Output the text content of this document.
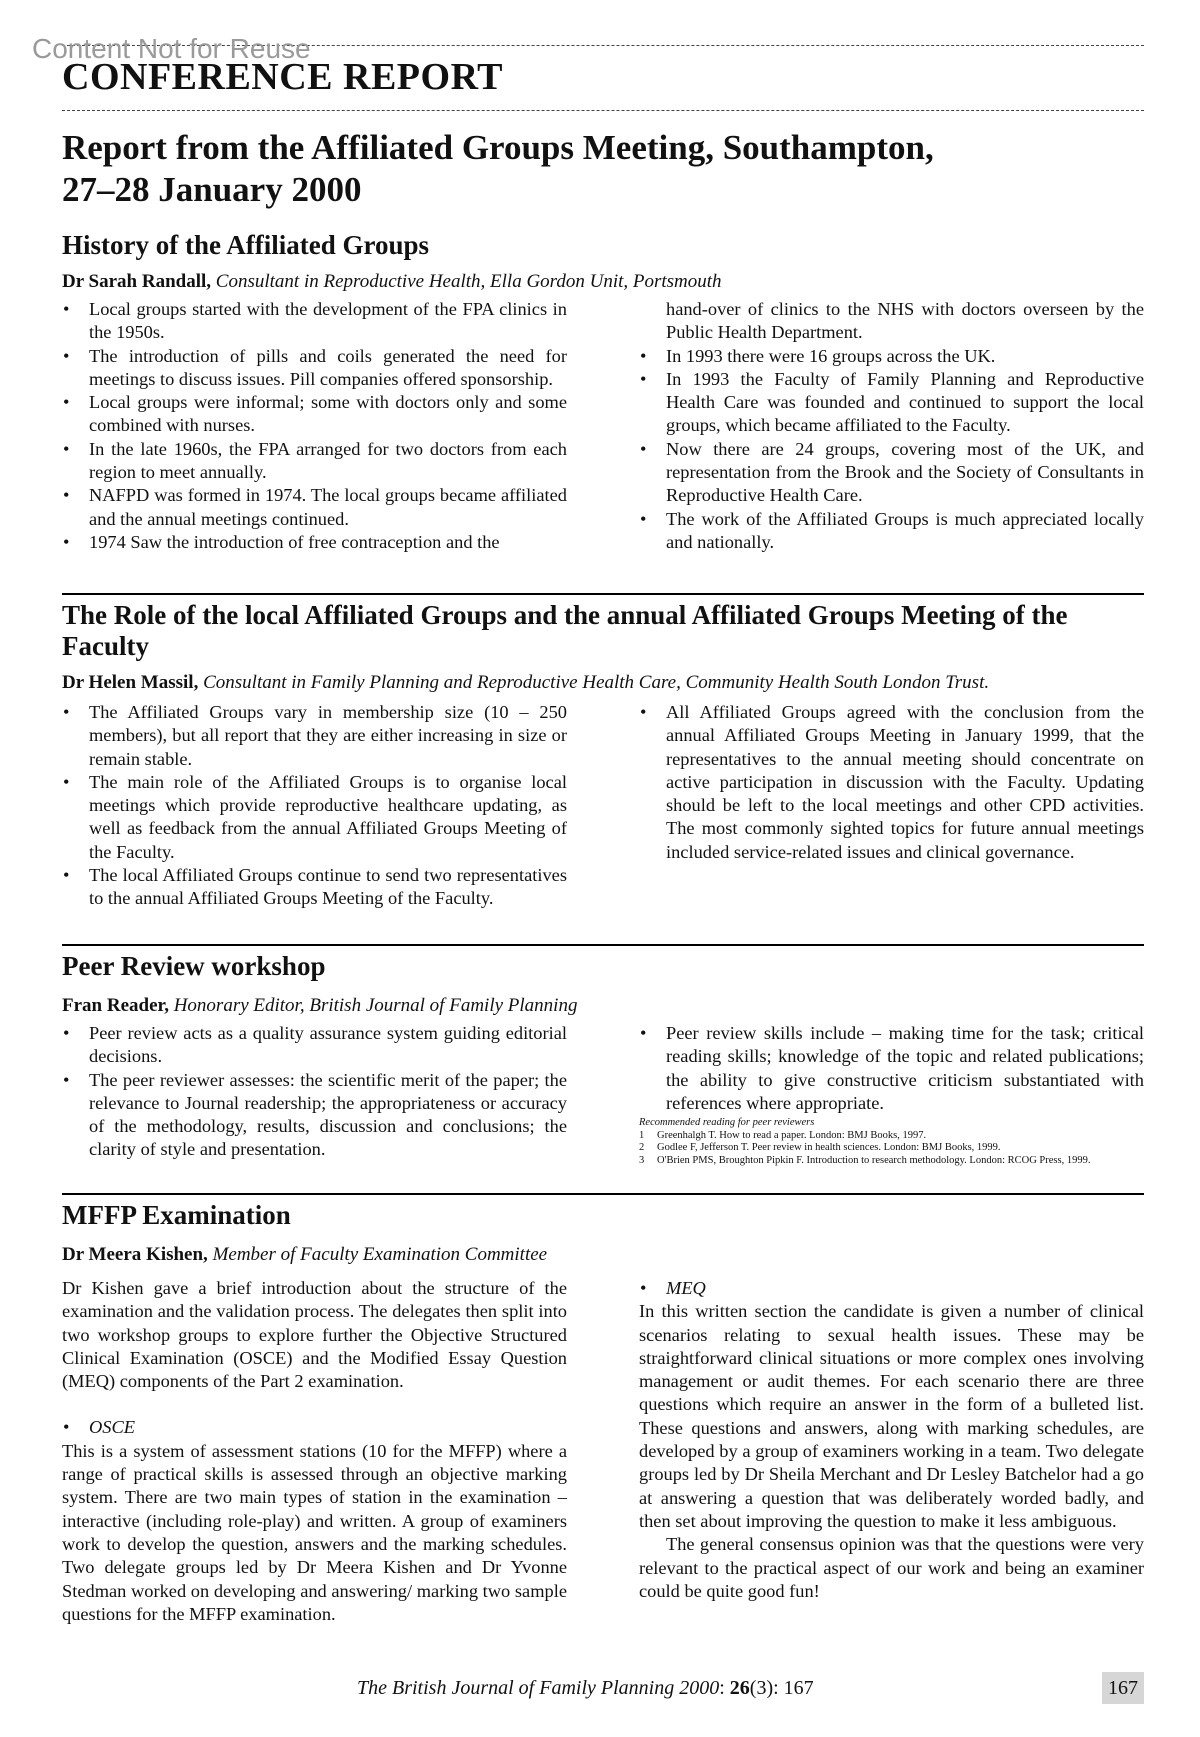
Content Not for Reuse
CONFERENCE REPORT
Report from the Affiliated Groups Meeting, Southampton,
27–28 January 2000
History of the Affiliated Groups
Dr Sarah Randall, Consultant in Reproductive Health, Ella Gordon Unit, Portsmouth
• Local groups started with the development of the FPA clinics in the 1950s.
• The introduction of pills and coils generated the need for meetings to discuss issues. Pill companies offered sponsorship.
• Local groups were informal; some with doctors only and some combined with nurses.
• In the late 1960s, the FPA arranged for two doctors from each region to meet annually.
• NAFPD was formed in 1974. The local groups became affiliated and the annual meetings continued.
• 1974 Saw the introduction of free contraception and the
hand-over of clinics to the NHS with doctors overseen by the Public Health Department.
• In 1993 there were 16 groups across the UK.
• In 1993 the Faculty of Family Planning and Reproductive Health Care was founded and continued to support the local groups, which became affiliated to the Faculty.
• Now there are 24 groups, covering most of the UK, and representation from the Brook and the Society of Consultants in Reproductive Health Care.
• The work of the Affiliated Groups is much appreciated locally and nationally.
The Role of the local Affiliated Groups and the annual Affiliated Groups Meeting of the Faculty
Dr Helen Massil, Consultant in Family Planning and Reproductive Health Care, Community Health South London Trust.
• The Affiliated Groups vary in membership size (10 – 250 members), but all report that they are either increasing in size or remain stable.
• The main role of the Affiliated Groups is to organise local meetings which provide reproductive healthcare updating, as well as feedback from the annual Affiliated Groups Meeting of the Faculty.
• The local Affiliated Groups continue to send two representatives to the annual Affiliated Groups Meeting of the Faculty.
• All Affiliated Groups agreed with the conclusion from the annual Affiliated Groups Meeting in January 1999, that the representatives to the annual meeting should concentrate on active participation in discussion with the Faculty. Updating should be left to the local meetings and other CPD activities. The most commonly sighted topics for future annual meetings included service-related issues and clinical governance.
Peer Review workshop
Fran Reader, Honorary Editor, British Journal of Family Planning
• Peer review acts as a quality assurance system guiding editorial decisions.
• The peer reviewer assesses: the scientific merit of the paper; the relevance to Journal readership; the appropriateness or accuracy of the methodology, results, discussion and conclusions; the clarity of style and presentation.
• Peer review skills include – making time for the task; critical reading skills; knowledge of the topic and related publications; the ability to give constructive criticism substantiated with references where appropriate.
Recommended reading for peer reviewers
1	Greenhalgh T. How to read a paper. London: BMJ Books, 1997.
2	Godlee F, Jefferson T. Peer review in health sciences. London: BMJ Books, 1999.
3	O'Brien PMS, Broughton Pipkin F. Introduction to research methodology. London: RCOG Press, 1999.
MFFP Examination
Dr Meera Kishen, Member of Faculty Examination Committee

Dr Kishen gave a brief introduction about the structure of the examination and the validation process. The delegates then split into two workshop groups to explore further the Objective Structured Clinical Examination (OSCE) and the Modified Essay Question (MEQ) components of the Part 2 examination.

• OSCE

This is a system of assessment stations (10 for the MFFP) where a range of practical skills is assessed through an objective marking system. There are two main types of station in the examination – interactive (including role-play) and written. A group of examiners work to develop the question, answers and the marking schedules. Two delegate groups led by Dr Meera Kishen and Dr Yvonne Stedman worked on developing and answering/ marking two sample questions for the MFFP examination.

• MEQ

In this written section the candidate is given a number of clinical scenarios relating to sexual health issues. These may be straightforward clinical situations or more complex ones involving management or audit themes. For each scenario there are three questions which require an answer in the form of a bulleted list. These questions and answers, along with marking schedules, are developed by a group of examiners working in a team. Two delegate groups led by Dr Sheila Merchant and Dr Lesley Batchelor had a go at answering a question that was deliberately worded badly, and then set about improving the question to make it less ambiguous.

The general consensus opinion was that the questions were very relevant to the practical aspect of our work and being an examiner could be quite good fun!

The British Journal of Family Planning 2000: 26(3): 167	167
